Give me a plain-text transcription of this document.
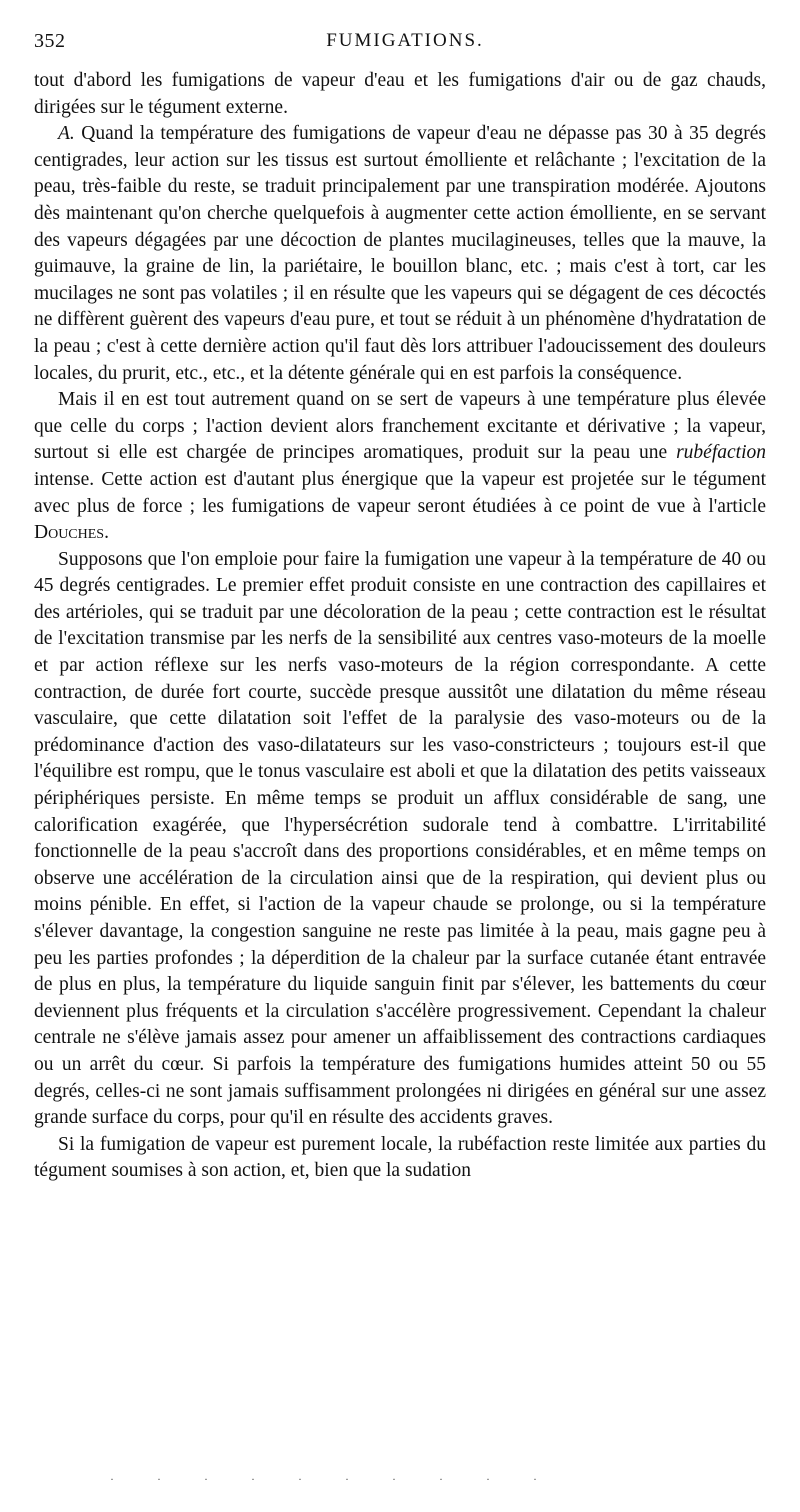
352	FUMIGATIONS.

tout d'abord les fumigations de vapeur d'eau et les fumigations d'air ou de gaz chauds, dirigées sur le tégument externe.

A. Quand la température des fumigations de vapeur d'eau ne dépasse pas 30 à 35 degrés centigrades, leur action sur les tissus est surtout émolliente et relâchante ; l'excitation de la peau, très-faible du reste, se traduit principalement par une transpiration modérée. Ajoutons dès maintenant qu'on cherche quelquefois à augmenter cette action émolliente, en se servant des vapeurs dégagées par une décoction de plantes mucilagineuses, telles que la mauve, la guimauve, la graine de lin, la pariétaire, le bouillon blanc, etc. ; mais c'est à tort, car les mucilages ne sont pas volatiles ; il en résulte que les vapeurs qui se dégagent de ces décoctés ne diffèrent guèrent des vapeurs d'eau pure, et tout se réduit à un phénomène d'hydratation de la peau ; c'est à cette dernière action qu'il faut dès lors attribuer l'adoucissement des douleurs locales, du prurit, etc., etc., et la détente générale qui en est parfois la conséquence.

Mais il en est tout autrement quand on se sert de vapeurs à une température plus élevée que celle du corps ; l'action devient alors franchement excitante et dérivative ; la vapeur, surtout si elle est chargée de principes aromatiques, produit sur la peau une rubéfaction intense. Cette action est d'autant plus énergique que la vapeur est projetée sur le tégument avec plus de force ; les fumigations de vapeur seront étudiées à ce point de vue à l'article Douches.

Supposons que l'on emploie pour faire la fumigation une vapeur à la température de 40 ou 45 degrés centigrades. Le premier effet produit consiste en une contraction des capillaires et des artérioles, qui se traduit par une décoloration de la peau ; cette contraction est le résultat de l'excitation transmise par les nerfs de la sensibilité aux centres vaso-moteurs de la moelle et par action réflexe sur les nerfs vaso-moteurs de la région correspondante. A cette contraction, de durée fort courte, succède presque aussitôt une dilatation du même réseau vasculaire, que cette dilatation soit l'effet de la paralysie des vaso-moteurs ou de la prédominance d'action des vaso-dilatateurs sur les vaso-constricteurs ; toujours est-il que l'équilibre est rompu, que le tonus vasculaire est aboli et que la dilatation des petits vaisseaux périphériques persiste. En même temps se produit un afflux considérable de sang, une calorification exagérée, que l'hypersécrétion sudorale tend à combattre. L'irritabilité fonctionnelle de la peau s'accroît dans des proportions considérables, et en même temps on observe une accélération de la circulation ainsi que de la respiration, qui devient plus ou moins pénible. En effet, si l'action de la vapeur chaude se prolonge, ou si la température s'élever davantage, la congestion sanguine ne reste pas limitée à la peau, mais gagne peu à peu les parties profondes ; la déperdition de la chaleur par la surface cutanée étant entravée de plus en plus, la température du liquide sanguin finit par s'élever, les battements du cœur deviennent plus fréquents et la circulation s'accélère progressivement. Cependant la chaleur centrale ne s'élève jamais assez pour amener un affaiblissement des contractions cardiaques ou un arrêt du cœur. Si parfois la température des fumigations humides atteint 50 ou 55 degrés, celles-ci ne sont jamais suffisamment prolongées ni dirigées en général sur une assez grande surface du corps, pour qu'il en résulte des accidents graves.

Si la fumigation de vapeur est purement locale, la rubéfaction reste limitée aux parties du tégument soumises à son action, et, bien que la sudation

· · · · · · · · · ·
